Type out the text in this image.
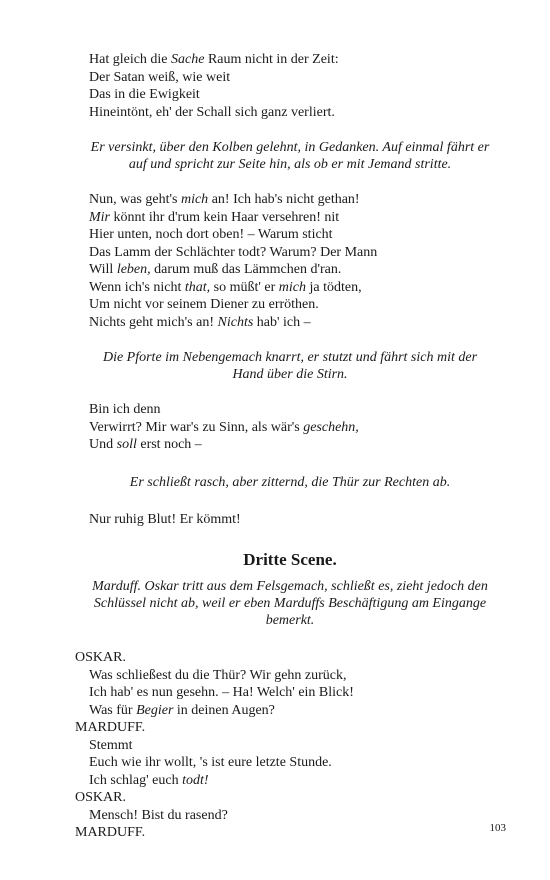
Hat gleich die Sache Raum nicht in der Zeit:
Der Satan weiß, wie weit
Das in die Ewigkeit
Hineintönt, eh' der Schall sich ganz verliert.
Er versinkt, über den Kolben gelehnt, in Gedanken. Auf einmal fährt er
auf und spricht zur Seite hin, als ob er mit Jemand stritte.
Nun, was geht's mich an! Ich hab's nicht gethan!
Mir könnt ihr d'rum kein Haar versehren! nit
Hier unten, noch dort oben! – Warum sticht
Das Lamm der Schlächter todt? Warum? Der Mann
Will leben, darum muß das Lämmchen d'ran.
Wenn ich's nicht that, so müßt' er mich ja tödten,
Um nicht vor seinem Diener zu erröthen.
Nichts geht mich's an! Nichts hab' ich –
Die Pforte im Nebengemach knarrt, er stutzt und fährt sich mit der
Hand über die Stirn.
Bin ich denn
Verwirrt? Mir war's zu Sinn, als wär's geschehn,
Und soll erst noch –
Er schließt rasch, aber zitternd, die Thür zur Rechten ab.
Nur ruhig Blut! Er kömmt!
Dritte Scene.
Marduff. Oskar tritt aus dem Felsgemach, schließt es, zieht jedoch den
Schlüssel nicht ab, weil er eben Marduffs Beschäftigung am Eingange
bemerkt.
OSKAR.
Was schließest du die Thür? Wir gehn zurück,
Ich hab' es nun gesehn. – Ha! Welch' ein Blick!
Was für Begier in deinen Augen?
MARDUFF.
Stemmt
Euch wie ihr wollt, 's ist eure letzte Stunde.
Ich schlag' euch todt!
OSKAR.
Mensch! Bist du rasend?
MARDUFF.	103
